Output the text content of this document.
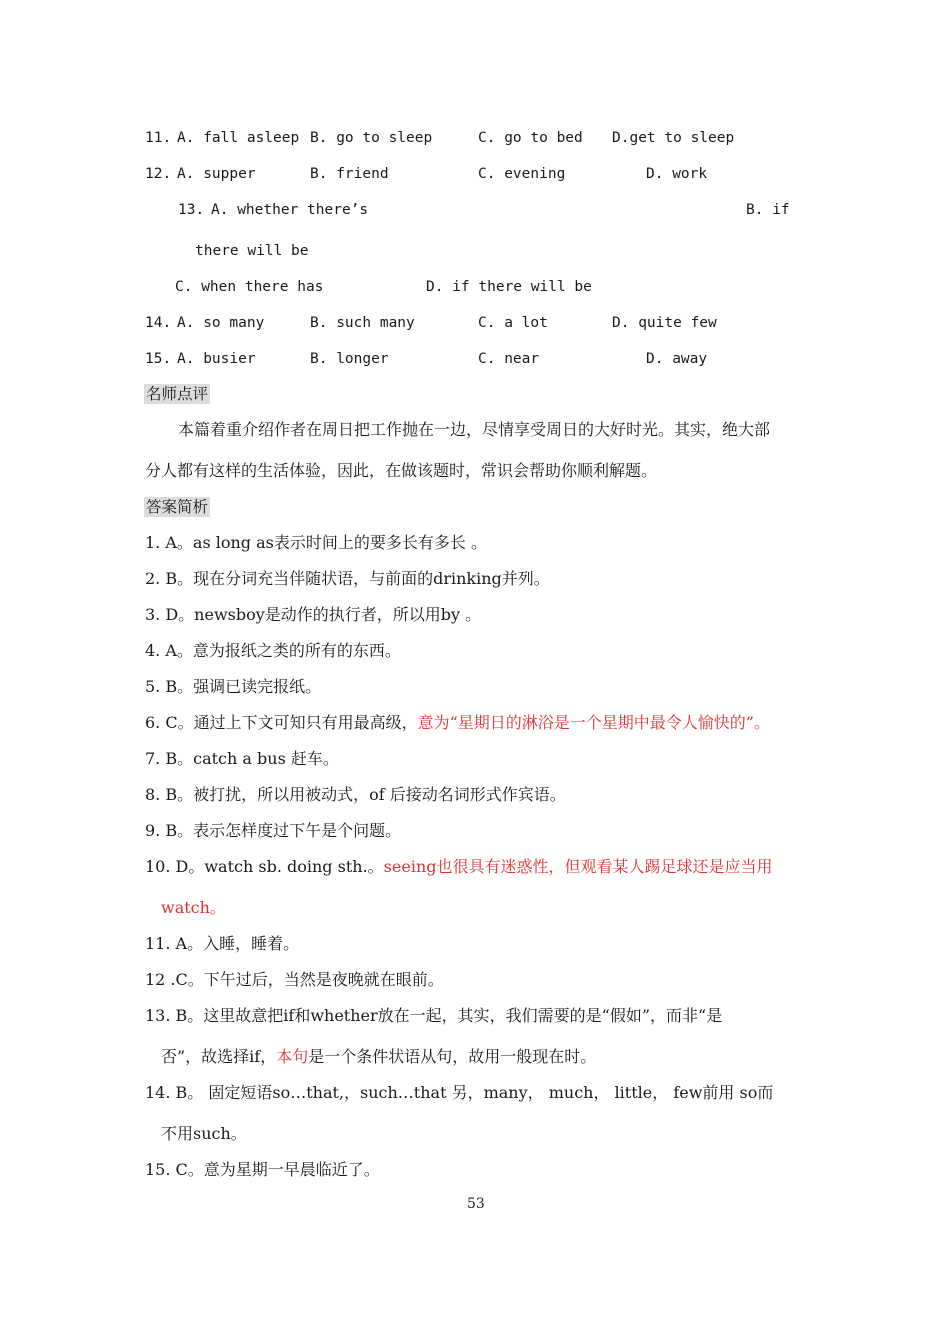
11. A. fall asleep B. go to sleep	C. go to bed D.get to sleep
12. A. supper	B. friend	C. evening	D. work
13. A. whether there’s	B. if
there will be
C. when there has	D. if there will be
14. A. so many	B. such many	C. a lot	D. quite few
15. A. busier	B. longer	C. near	D. away
名师点评
本篇着重介绍作者在周日把工作抛在一边，尽情享受周日的大好时光。其实，绝大部
分人都有这样的生活体验，因此，在做该题时，常识会帮助你顺利解题。
答案简析
1. A。as long as表示时间上的要多长有多长 。
2. B。现在分词充当伴随状语，与前面的drinking并列。
3. D。newsboy是动作的执行者，所以用by 。
4. A。意为报纸之类的所有的东西。
5. B。强调已读完报纸。
6. C。通过上下文可知只有用最高级，意为“星期日的淋浴是一个星期中最令人愉快的”。
7. B。catch a bus 赶车。
8. B。被打扰，所以用被动式，of 后接动名词形式作宾语。
9. B。表示怎样度过下午是个问题。
10. D。watch sb. doing sth.。seeing也很具有迷惑性，但观看某人踢足球还是应当用
watch。
11. A。入睡，睡着。
12 .C。下午过后，当然是夜晚就在眼前。
13. B。这里故意把if和whether放在一起，其实，我们需要的是“假如”，而非“是
否”，故选择if，本句是一个条件状语从句，故用一般现在时。
14. B。 固定短语so…that,，such…that 另，many， much， little， few前用 so而
不用such。
15. C。意为星期一早晨临近了。
53
